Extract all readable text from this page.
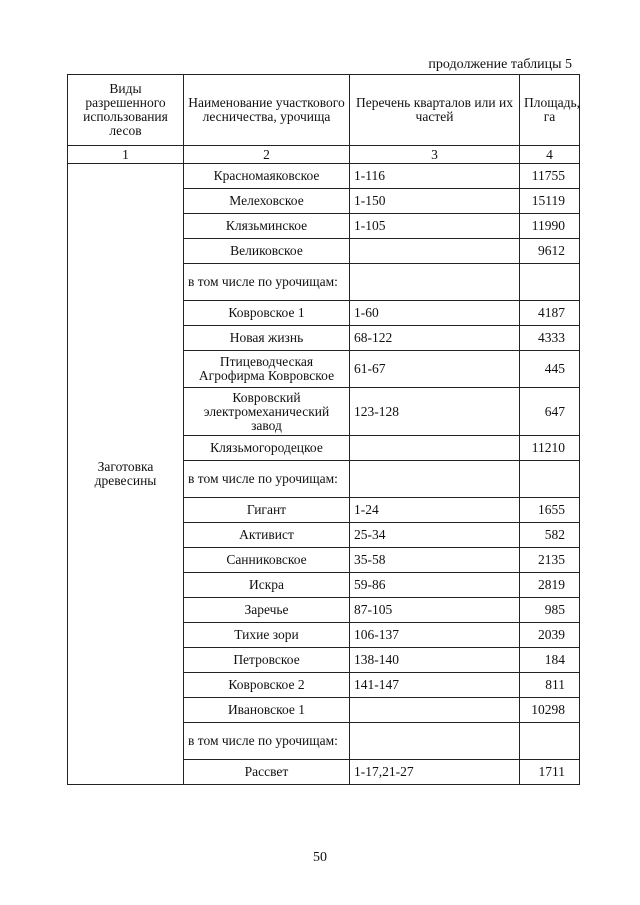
продолжение таблицы 5
Виды разрешенного использования лесов	Наименование участкового лесничества, урочища	Перечень кварталов или их частей	Площадь, га
1	2	3	4
Заготовка древесины	Красномаяковское	1-116	11755
	Мелеховское	1-150	15119
	Клязьминское	1-105	11990
	Великовское		9612
	в том числе по урочищам:		
	Ковровское 1	1-60	4187
	Новая жизнь	68-122	4333
	Птицеводческая Агрофирма Ковровское	61-67	445
	Ковровский электромеханический завод	123-128	647
	Клязьмогородецкое		11210
	в том числе по урочищам:		
	Гигант	1-24	1655
	Активист	25-34	582
	Санниковское	35-58	2135
	Искра	59-86	2819
	Заречье	87-105	985
	Тихие зори	106-137	2039
	Петровское	138-140	184
	Ковровское 2	141-147	811
	Ивановское 1		10298
	в том числе по урочищам:		
	Рассвет	1-17,21-27	1711
50
